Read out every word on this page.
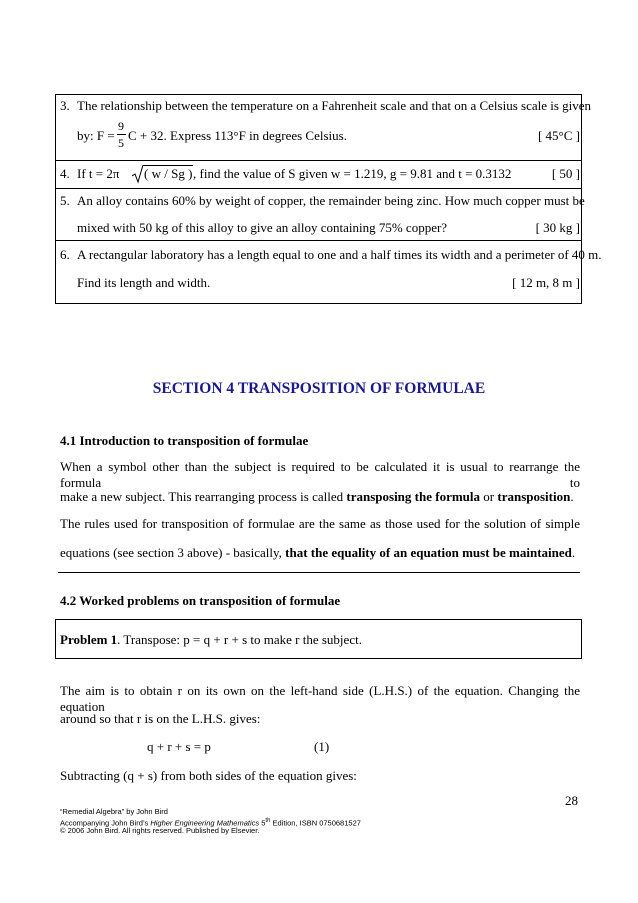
3. The relationship between the temperature on a Fahrenheit scale and that on a Celsius scale is given
by: F =
9
5 C + 32. Express 113°F in degrees Celsius.	[ 45°C ]
4. If t = 2π ( w / Sg ) , find the value of S given w = 1.219, g = 9.81 and t = 0.3132	[ 50 ]
5. An alloy contains 60% by weight of copper, the remainder being zinc. How much copper must be
mixed with 50 kg of this alloy to give an alloy containing 75% copper?	[ 30 kg ]
6. A rectangular laboratory has a length equal to one and a half times its width and a perimeter of 40 m.
Find its length and width.	[ 12 m, 8 m ]
SECTION 4 TRANSPOSITION OF FORMULAE
4.1 Introduction to transposition of formulae
When a symbol other than the subject is required to be calculated it is usual to rearrange the formula to
make a new subject. This rearranging process is called transposing the formula or transposition.
The rules used for transposition of formulae are the same as those used for the solution of simple
equations (see section 3 above) - basically, that the equality of an equation must be maintained.
4.2 Worked problems on transposition of formulae
Problem 1. Transpose: p = q + r + s to make r the subject.
The aim is to obtain r on its own on the left-hand side (L.H.S.) of the equation. Changing the equation
around so that r is on the L.H.S. gives:
q + r + s = p	(1)
Subtracting (q + s) from both sides of the equation gives:
28
“Remedial Algebra” by John Bird
Accompanying John Bird’s Higher Engineering Mathematics 5th Edition, ISBN 0750681527
© 2006 John Bird. All rights reserved. Published by Elsevier.
